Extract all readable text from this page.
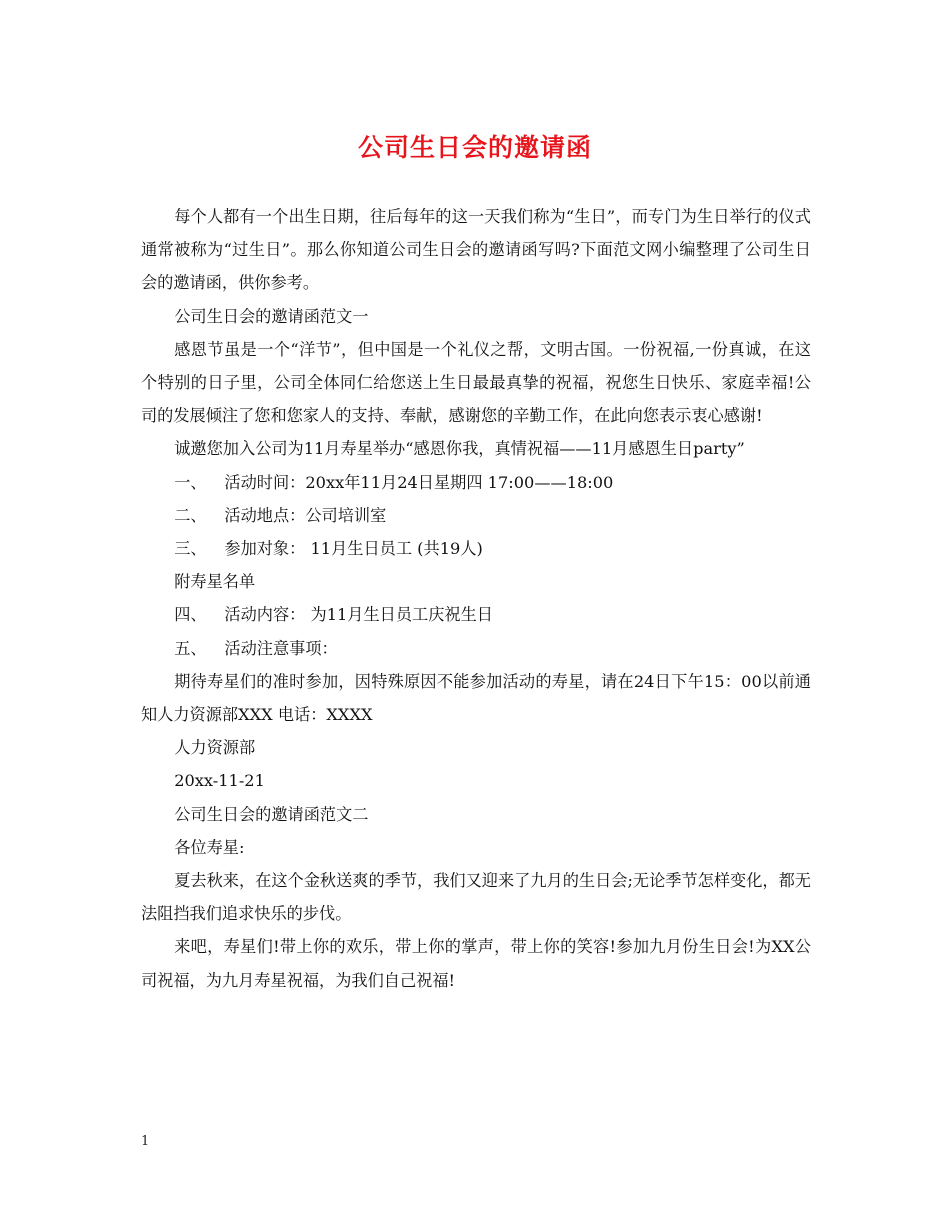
公司生日会的邀请函

每个人都有一个出生日期，往后每年的这一天我们称为“生日”，而专门为生日举行的仪式通常被称为“过生日”。那么你知道公司生日会的邀请函写吗?下面范文网小编整理了公司生日会的邀请函，供你参考。

公司生日会的邀请函范文一

感恩节虽是一个“洋节”，但中国是一个礼仪之帮，文明古国。一份祝福,一份真诚，在这个特别的日子里，公司全体同仁给您送上生日最最真挚的祝福，祝您生日快乐、家庭幸福!公司的发展倾注了您和您家人的支持、奉献，感谢您的辛勤工作，在此向您表示衷心感谢!

诚邀您加入公司为11月寿星举办“感恩你我，真情祝福——11月感恩生日party”

一、 活动时间：20xx年11月24日星期四 17:00——18:00

二、 活动地点：公司培训室

三、 参加对象： 11月生日员工 (共19人)

附寿星名单

四、 活动内容： 为11月生日员工庆祝生日

五、 活动注意事项：

期待寿星们的准时参加，因特殊原因不能参加活动的寿星，请在24日下午15：00以前通知人力资源部XXX 电话：XXXX

人力资源部

20xx-11-21

公司生日会的邀请函范文二

各位寿星:

夏去秋来，在这个金秋送爽的季节，我们又迎来了九月的生日会;无论季节怎样变化，都无法阻挡我们追求快乐的步伐。

来吧，寿星们!带上你的欢乐，带上你的掌声，带上你的笑容!参加九月份生日会!为XX公司祝福，为九月寿星祝福，为我们自己祝福!

1
